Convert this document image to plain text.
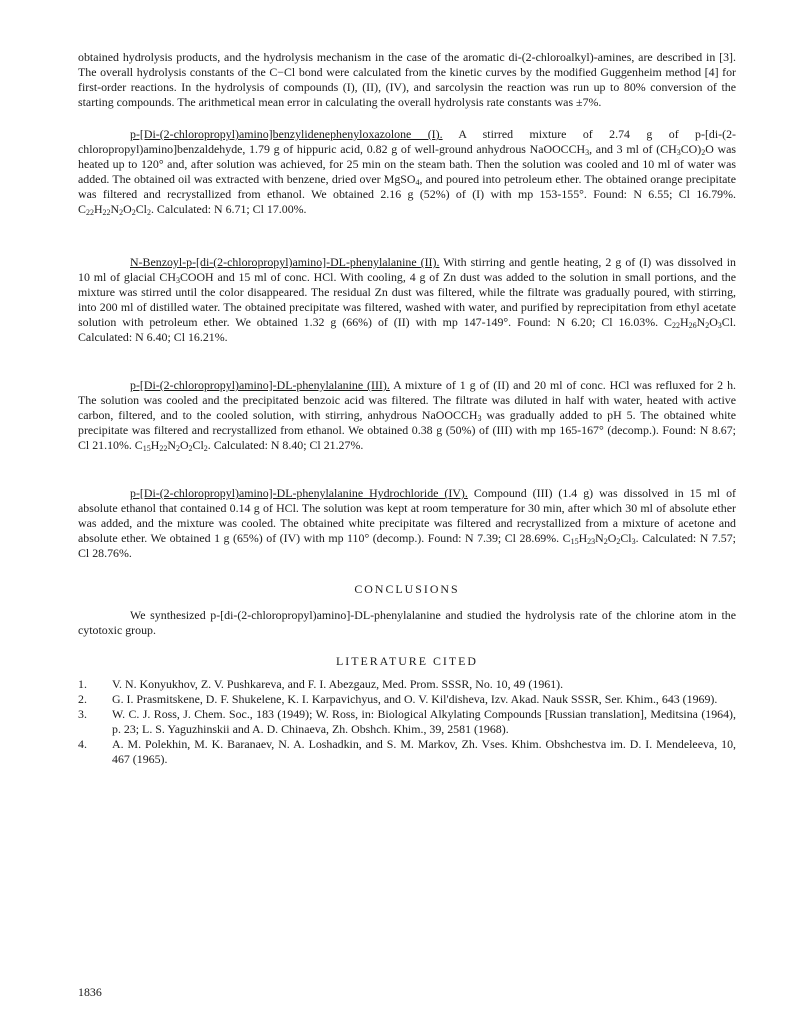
obtained hydrolysis products, and the hydrolysis mechanism in the case of the aromatic di-(2-chloroalkyl)-amines, are described in [3]. The overall hydrolysis constants of the C−Cl bond were calculated from the kinetic curves by the modified Guggenheim method [4] for first-order reactions. In the hydrolysis of compounds (I), (II), (IV), and sarcolysin the reaction was run up to 80% conversion of the starting compounds. The arithmetical mean error in calculating the overall hydrolysis rate constants was ±7%.

p-[Di-(2-chloropropyl)amino]benzylidenephenyloxazolone (I). A stirred mixture of 2.74 g of p-[di-(2-chloropropyl)amino]benzaldehyde, 1.79 g of hippuric acid, 0.82 g of well-ground anhydrous NaOOCCH$_3$, and 3 ml of $(CH_3CO)_2O$ was heated up to 120° and, after solution was achieved, for 25 min on the steam bath. Then the solution was cooled and 10 ml of water was added. The obtained oil was extracted with benzene, dried over MgSO$_4$, and poured into petroleum ether. The obtained orange precipitate was filtered and recrystallized from ethanol. We obtained 2.16 g (52%) of (I) with mp 153-155°. Found: N 6.55; Cl 16.79%. $C_{22}H_{22}N_2O_2Cl_2$. Calculated: N 6.71; Cl 17.00%.

N-Benzoyl-p-[di-(2-chloropropyl)amino]-DL-phenylalanine (II). With stirring and gentle heating, 2 g of (I) was dissolved in 10 ml of glacial $CH_3COOH$ and 15 ml of conc. HCl. With cooling, 4 g of Zn dust was added to the solution in small portions, and the mixture was stirred until the color disappeared. The residual Zn dust was filtered, while the filtrate was gradually poured, with stirring, into 200 ml of distilled water. The obtained precipitate was filtered, washed with water, and purified by reprecipitation from ethyl acetate solution with petroleum ether. We obtained 1.32 g (66%) of (II) with mp 147-149°. Found: N 6.20; Cl 16.03%. $C_{22}H_{26}N_2O_3Cl$. Calculated: N 6.40; Cl 16.21%.

p-[Di-(2-chloropropyl)amino]-DL-phenylalanine (III). A mixture of 1 g of (II) and 20 ml of conc. HCl was refluxed for 2 h. The solution was cooled and the precipitated benzoic acid was filtered. The filtrate was diluted in half with water, heated with active carbon, filtered, and to the cooled solution, with stirring, anhydrous NaOOCCH$_3$ was gradually added to pH 5. The obtained white precipitate was filtered and recrystallized from ethanol. We obtained 0.38 g (50%) of (III) with mp 165-167° (decomp.). Found: N 8.67; Cl 21.10%. $C_{15}H_{22}N_2O_2Cl_2$. Calculated: N 8.40; Cl 21.27%.

p-[Di-(2-chloropropyl)amino]-DL-phenylalanine Hydrochloride (IV). Compound (III) (1.4 g) was dissolved in 15 ml of absolute ethanol that contained 0.14 g of HCl. The solution was kept at room temperature for 30 min, after which 30 ml of absolute ether was added, and the mixture was cooled. The obtained white precipitate was filtered and recrystallized from a mixture of acetone and absolute ether. We obtained 1 g (65%) of (IV) with mp 110° (decomp.). Found: N 7.39; Cl 28.69%. $C_{15}H_{23}N_2O_2Cl_3$. Calculated: N 7.57; Cl 28.76%.

CONCLUSIONS

We synthesized p-[di-(2-chloropropyl)amino]-DL-phenylalanine and studied the hydrolysis rate of the chlorine atom in the cytotoxic group.

LITERATURE CITED

1. V. N. Konyukhov, Z. V. Pushkareva, and F. I. Abezgauz, Med. Prom. SSSR, No. 10, 49 (1961).
2. G. I. Prasmitskene, D. F. Shukelene, K. I. Karpavichyus, and O. V. Kil'disheva, Izv. Akad. Nauk SSSR, Ser. Khim., 643 (1969).
3. W. C. J. Ross, J. Chem. Soc., 183 (1949); W. Ross, in: Biological Alkylating Compounds [Russian translation], Meditsina (1964), p. 23; L. S. Yaguzhinskii and A. D. Chinaeva, Zh. Obshch. Khim., 39, 2581 (1968).
4. A. M. Polekhin, M. K. Baranaev, N. A. Loshadkin, and S. M. Markov, Zh. Vses. Khim. Obshchestva im. D. I. Mendeleeva, 10, 467 (1965).
1836
